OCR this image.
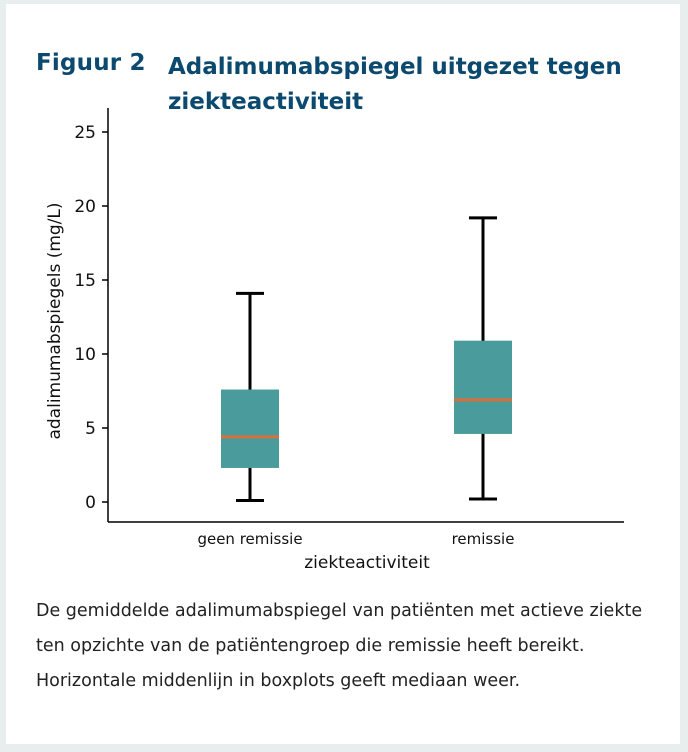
Figuur 2 Adalimumabspiegel uitgezet tegen ziekteactiviteit
0
5
10
15
20
25
geen remissie	remissie
ziekteactiviteit
adalimumabspiegels (mg/L)

De gemiddelde adalimumabspiegel van patiënten met actieve ziekte ten opzichte van de patiëntengroep die remissie heeft bereikt.

Horizontale middenlijn in boxplots geeft mediaan weer.
